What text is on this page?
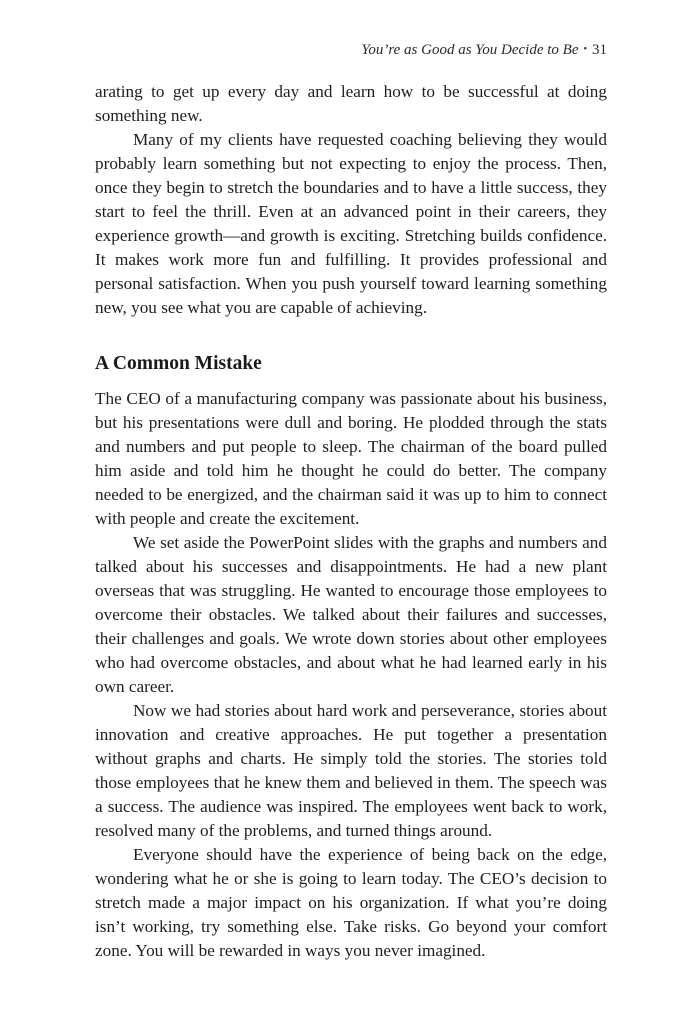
You’re as Good as You Decide to Be • 31

arating to get up every day and learn how to be successful at doing something new.

Many of my clients have requested coaching believing they would probably learn something but not expecting to enjoy the process. Then, once they begin to stretch the boundaries and to have a little success, they start to feel the thrill. Even at an advanced point in their careers, they experience growth—and growth is exciting. Stretching builds confidence. It makes work more fun and fulfilling. It provides professional and personal satisfaction. When you push yourself toward learning something new, you see what you are capable of achieving.

A Common Mistake

The CEO of a manufacturing company was passionate about his business, but his presentations were dull and boring. He plodded through the stats and numbers and put people to sleep. The chairman of the board pulled him aside and told him he thought he could do better. The company needed to be energized, and the chairman said it was up to him to connect with people and create the excitement.

We set aside the PowerPoint slides with the graphs and numbers and talked about his successes and disappointments. He had a new plant overseas that was struggling. He wanted to encourage those employees to overcome their obstacles. We talked about their failures and successes, their challenges and goals. We wrote down stories about other employees who had overcome obstacles, and about what he had learned early in his own career.

Now we had stories about hard work and perseverance, stories about innovation and creative approaches. He put together a presentation without graphs and charts. He simply told the stories. The stories told those employees that he knew them and believed in them. The speech was a success. The audience was inspired. The employees went back to work, resolved many of the problems, and turned things around.

Everyone should have the experience of being back on the edge, wondering what he or she is going to learn today. The CEO’s decision to stretch made a major impact on his organization. If what you’re doing isn’t working, try something else. Take risks. Go beyond your comfort zone. You will be rewarded in ways you never imagined.
